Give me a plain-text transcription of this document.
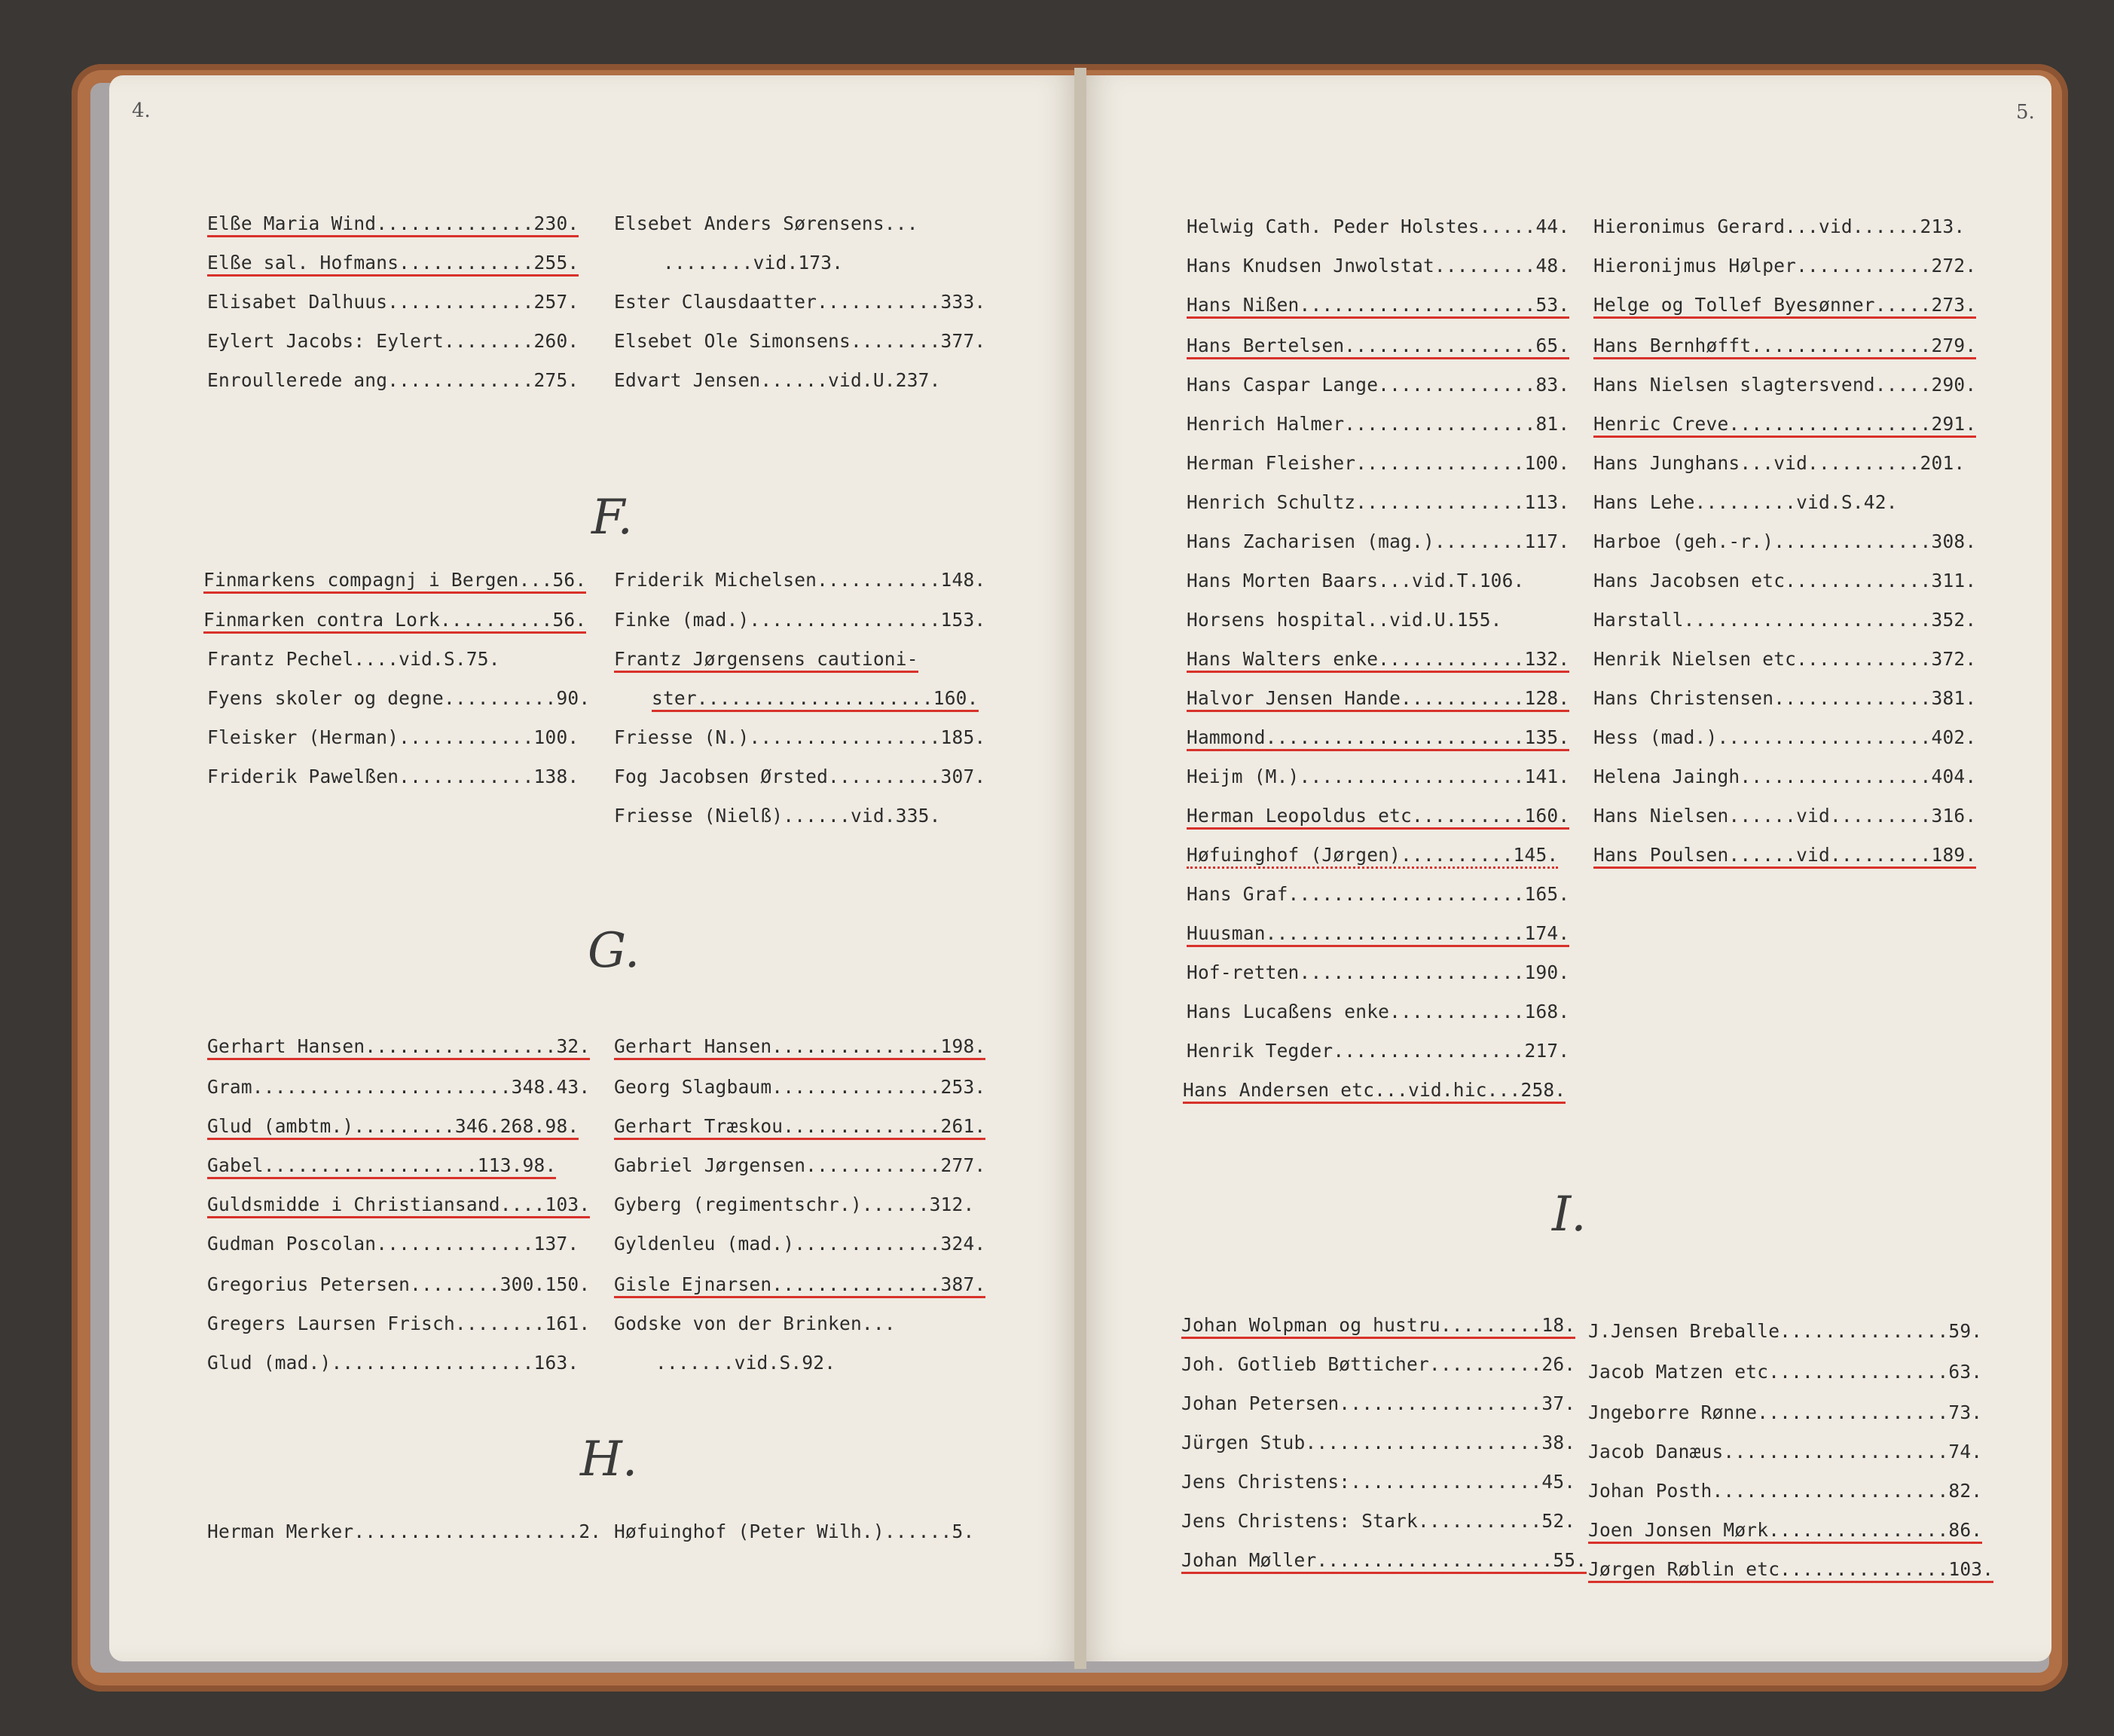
4.	5.
F.
G.
H.
I.
Elße Maria Wind..............230. Elsebet Anders Sørensens...
Elße sal. Hofmans............255.	........vid.173.
Elisabet Dalhuus.............257. Ester Clausdaatter...........333.
Eylert Jacobs: Eylert........260. Elsebet Ole Simonsens........377.
Enroullerede ang.............275. Edvart Jensen......vid.U.237.
Finmarkens compagnj i Bergen...56. Friderik Michelsen...........148.
Finmarken contra Lork..........56. Finke (mad.).................153.
Frantz Pechel....vid.S.75.	Frantz Jørgensens cautioni-
Fyens skoler og degne..........90.	ster.....................160.
Fleisker (Herman)............100. Friesse (N.).................185.
Friderik Pawelßen............138. Fog Jacobsen Ørsted..........307.
Friesse (Nielß)......vid.335.
Gerhart Hansen.................32. Gerhart Hansen...............198.
Gram.......................348.43. Georg Slagbaum...............253.
Glud (ambtm.).........346.268.98. Gerhart Træskou..............261.
Gabel...................113.98.	Gabriel Jørgensen............277.
Guldsmidde i Christiansand....103. Gyberg (regimentschr.)......312.
Gudman Poscolan..............137. Gyldenleu (mad.).............324.
Gregorius Petersen........300.150. Gisle Ejnarsen...............387.
Gregers Laursen Frisch........161. Godske von der Brinken...
Glud (mad.)..................163.	.......vid.S.92.
Herman Merker....................2. Høfuinghof (Peter Wilh.)......5.
Helwig Cath. Peder Holstes.....44. Hieronimus Gerard...vid......213.
Hans Knudsen Jnwolstat.........48. Hieronijmus Hølper............272.
Hans Nißen.....................53. Helge og Tollef Byesønner.....273.
Hans Bertelsen.................65. Hans Bernhøfft................279.
Hans Caspar Lange..............83. Hans Nielsen slagtersvend.....290.
Henrich Halmer.................81. Henric Creve..................291.
Herman Fleisher...............100. Hans Junghans...vid..........201.
Henrich Schultz...............113. Hans Lehe.........vid.S.42.
Hans Zacharisen (mag.)........117. Harboe (geh.-r.)..............308.
Hans Morten Baars...vid.T.106.	Hans Jacobsen etc.............311.
Horsens hospital..vid.U.155.	Harstall......................352.
Hans Walters enke.............132. Henrik Nielsen etc............372.
Halvor Jensen Hande...........128. Hans Christensen..............381.
Hammond.......................135. Hess (mad.)...................402.
Heijm (M.)....................141. Helena Jaingh.................404.
Herman Leopoldus etc..........160. Hans Nielsen......vid.........316.
Høfuinghof (Jørgen)..........145. Hans Poulsen......vid.........189.
Hans Graf.....................165.
Huusman.......................174.
Hof-retten....................190.
Hans Lucaßens enke............168.
Henrik Tegder.................217.
Hans Andersen etc...vid.hic...258.
Johan Wolpman og hustru.........18. J.Jensen Breballe...............59.
Joh. Gotlieb Bøtticher..........26. Jacob Matzen etc................63.
Johan Petersen..................37. Jngeborre Rønne.................73.
Jürgen Stub.....................38. Jacob Danæus....................74.
Jens Christens:.................45. Johan Posth.....................82.
Jens Christens: Stark...........52. Joen Jonsen Mørk................86.
Johan Møller.....................55. Jørgen Røblin etc...............103.
